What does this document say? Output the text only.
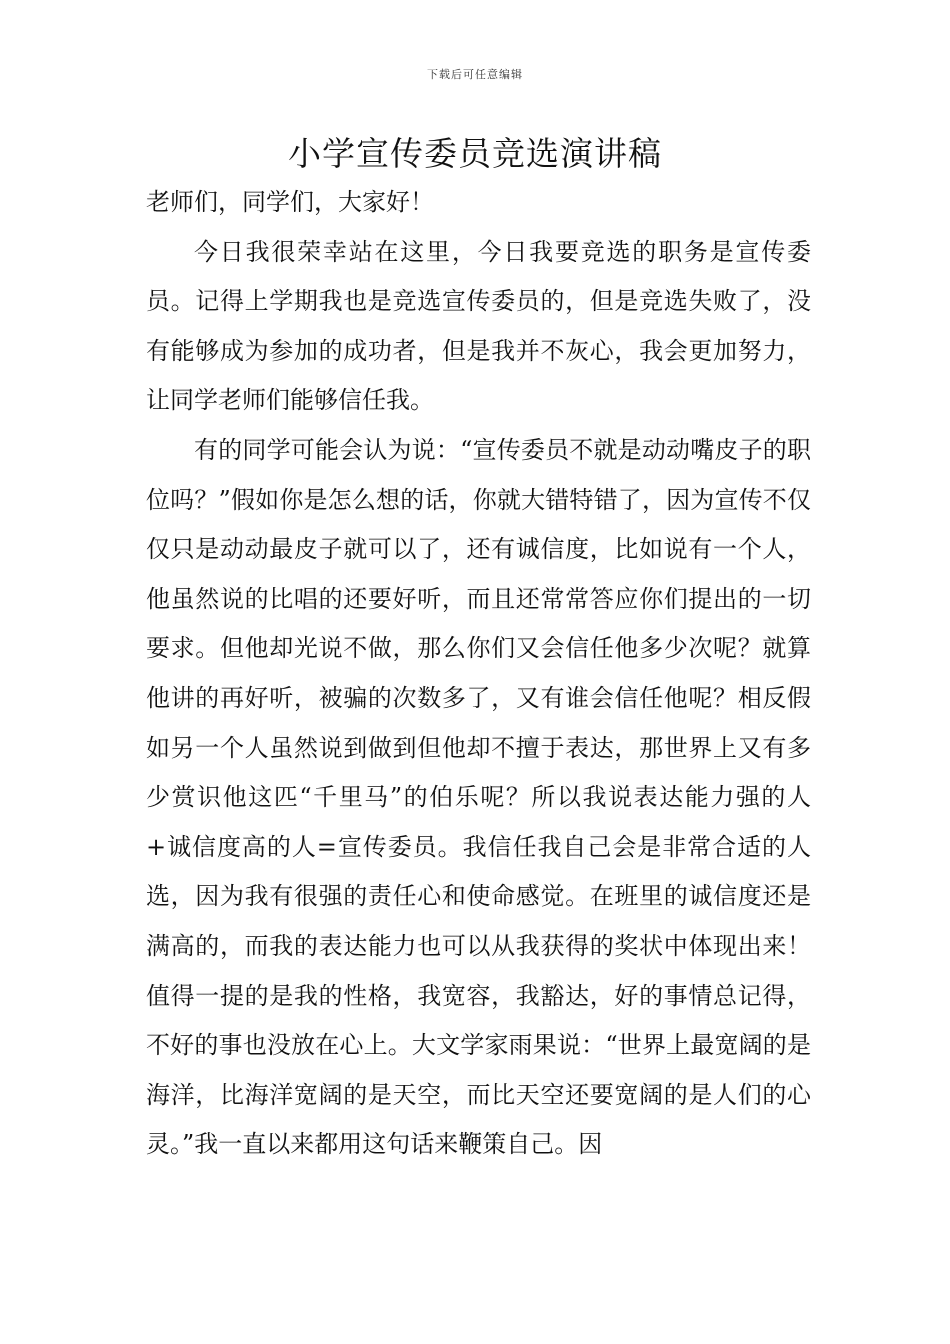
下载后可任意编辑
小学宣传委员竞选演讲稿

老师们，同学们，大家好！

今日我很荣幸站在这里，今日我要竞选的职务是宣传委员。记得上学期我也是竞选宣传委员的，但是竞选失败了，没有能够成为参加的成功者，但是我并不灰心，我会更加努力，让同学老师们能够信任我。

有的同学可能会认为说：“宣传委员不就是动动嘴皮子的职位吗？”假如你是怎么想的话，你就大错特错了，因为宣传不仅仅只是动动最皮子就可以了，还有诚信度，比如说有一个人，他虽然说的比唱的还要好听，而且还常常答应你们提出的一切要求。但他却光说不做，那么你们又会信任他多少次呢？就算他讲的再好听，被骗的次数多了，又有谁会信任他呢？相反假如另一个人虽然说到做到但他却不擅于表达，那世界上又有多少赏识他这匹“千里马”的伯乐呢？所以我说表达能力强的人+诚信度高的人=宣传委员。我信任我自己会是非常合适的人选，因为我有很强的责任心和使命感觉。在班里的诚信度还是满高的，而我的表达能力也可以从我获得的奖状中体现出来！值得一提的是我的性格，我宽容，我豁达，好的事情总记得，不好的事也没放在心上。大文学家雨果说：“世界上最宽阔的是海洋，比海洋宽阔的是天空，而比天空还要宽阔的是人们的心灵。”我一直以来都用这句话来鞭策自己。因
